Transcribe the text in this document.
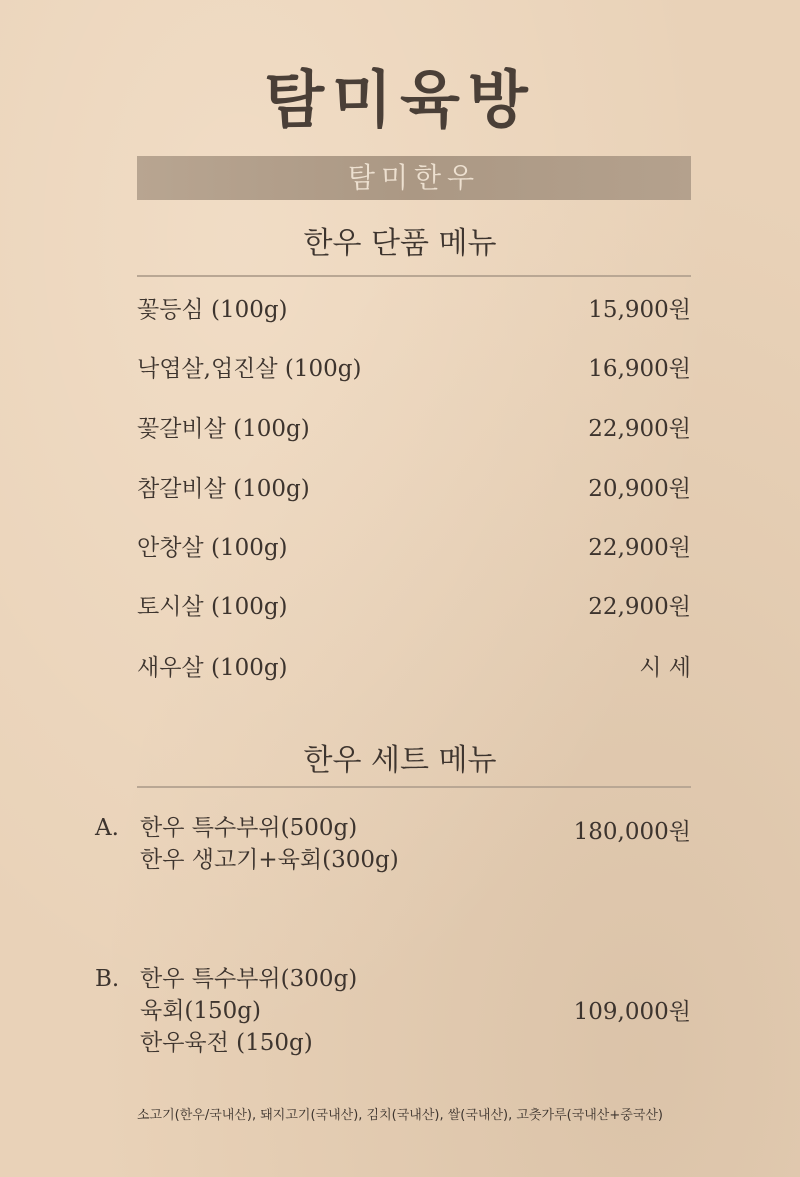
탐미육방
탐미한우
한우 단품 메뉴
꽃등심 (100g)	15,900원
낙엽살,업진살 (100g)	16,900원
꽃갈비살 (100g)	22,900원
참갈비살 (100g)	20,900원
안창살 (100g)	22,900원
토시살 (100g)	22,900원
새우살 (100g)	시 세
한우 세트 메뉴
A. 한우 특수부위(500g)
한우 생고기+육회(300g)
180,000원
B. 한우 특수부위(300g)
육회(150g)
한우육전 (150g)
109,000원
소고기(한우/국내산), 돼지고기(국내산), 김치(국내산), 쌀(국내산), 고춧가루(국내산+중국산)
